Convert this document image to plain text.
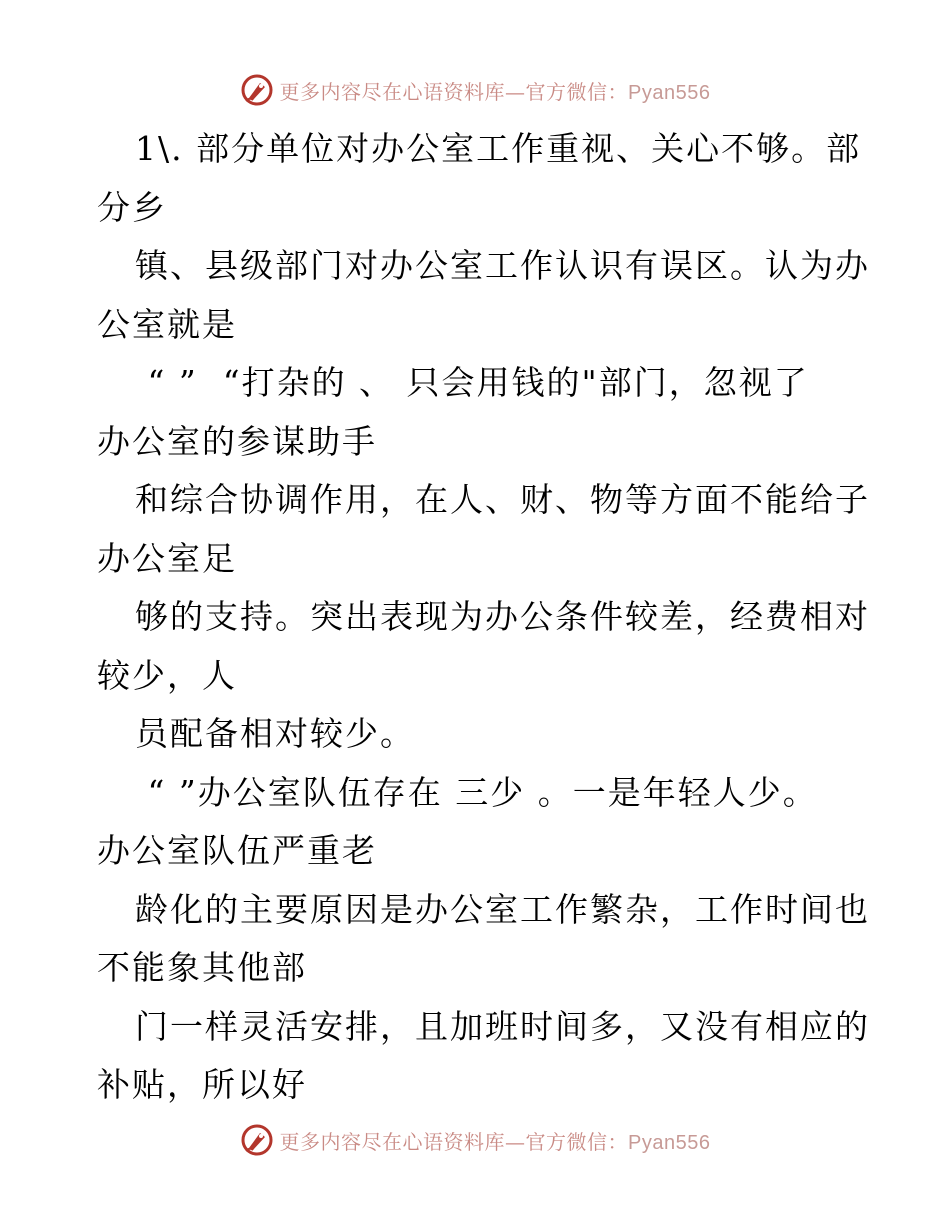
更多内容尽在心语资料库—官方微信：Pyan556
1\. 部分单位对办公室工作重视、关心不够。部
分乡
镇、县级部门对办公室工作认识有误区。认为办
公室就是
“ ”  “打杂的 、 只会用钱的"部门，忽视了
办公室的参谋助手
和综合协调作用，在人、财、物等方面不能给子
办公室足
够的支持。突出表现为办公条件较差，经费相对
较少，人
员配备相对较少。
“ ”办公室队伍存在 三少 。一是年轻人少。
办公室队伍严重老
龄化的主要原因是办公室工作繁杂，工作时间也
不能象其他部
门一样灵活安排，且加班时间多，又没有相应的
补贴，所以好
更多内容尽在心语资料库—官方微信：Pyan556
